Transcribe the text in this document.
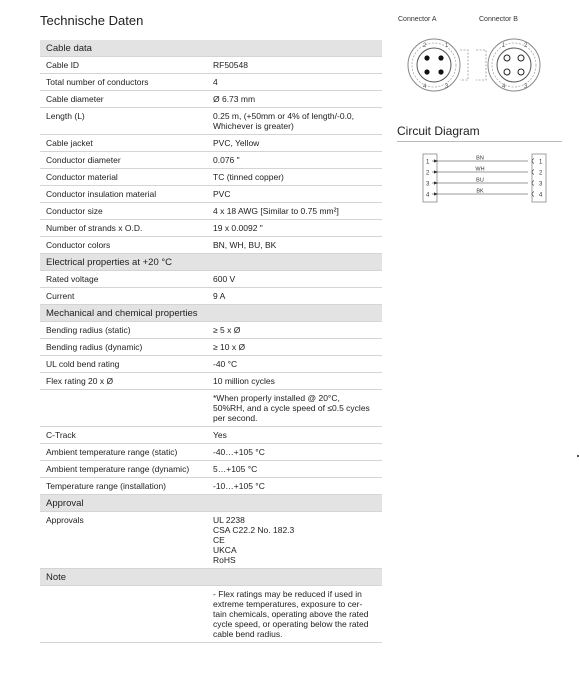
Technische Daten
Cable data
Cable ID	RF50548
Total number of conductors	4
Cable diameter	Ø 6.73 mm
Length (L)	0.25 m, (+50mm or 4% of length/-0.0,
Whichever is greater)
Cable jacket	PVC, Yellow
Conductor diameter	0.076 "
Conductor material	TC (tinned copper)
Conductor insulation material	PVC
Conductor size	4 x 18 AWG [Similar to 0.75 mm²]
Number of strands x O.D.	19 x 0.0092 "
Conductor colors	BN, WH, BU, BK
Electrical properties at +20 °C
Rated voltage	600 V
Current	9 A
Mechanical and chemical properties
Bending radius (static)	≥ 5 x Ø
Bending radius (dynamic)	≥ 10 x Ø
UL cold bend rating	-40 °C
Flex rating 20 x Ø	10 million cycles
*When properly installed @ 20°C,
50%RH, and a cycle speed of ≤0.5 cycles
per second.
C-Track	Yes
Ambient temperature range (static)	-40…+105 °C
Ambient temperature range (dynamic)	5…+105 °C
Temperature range (installation)	-10…+105 °C
Approval
Approvals	UL 2238
CSA C22.2 No. 182.3
CE
UKCA
RoHS
Note
- Flex ratings may be reduced if used in
extreme temperatures, exposure to cer-
tain chemicals, operating above the rated
cycle speed, or operating below the rated
cable bend radius.
Connector A	Connector B
2	1
4	3
1	2
4	3
Circuit Diagram
1	1
BN
2	2
WH
3	3
BU
4	4
BK
